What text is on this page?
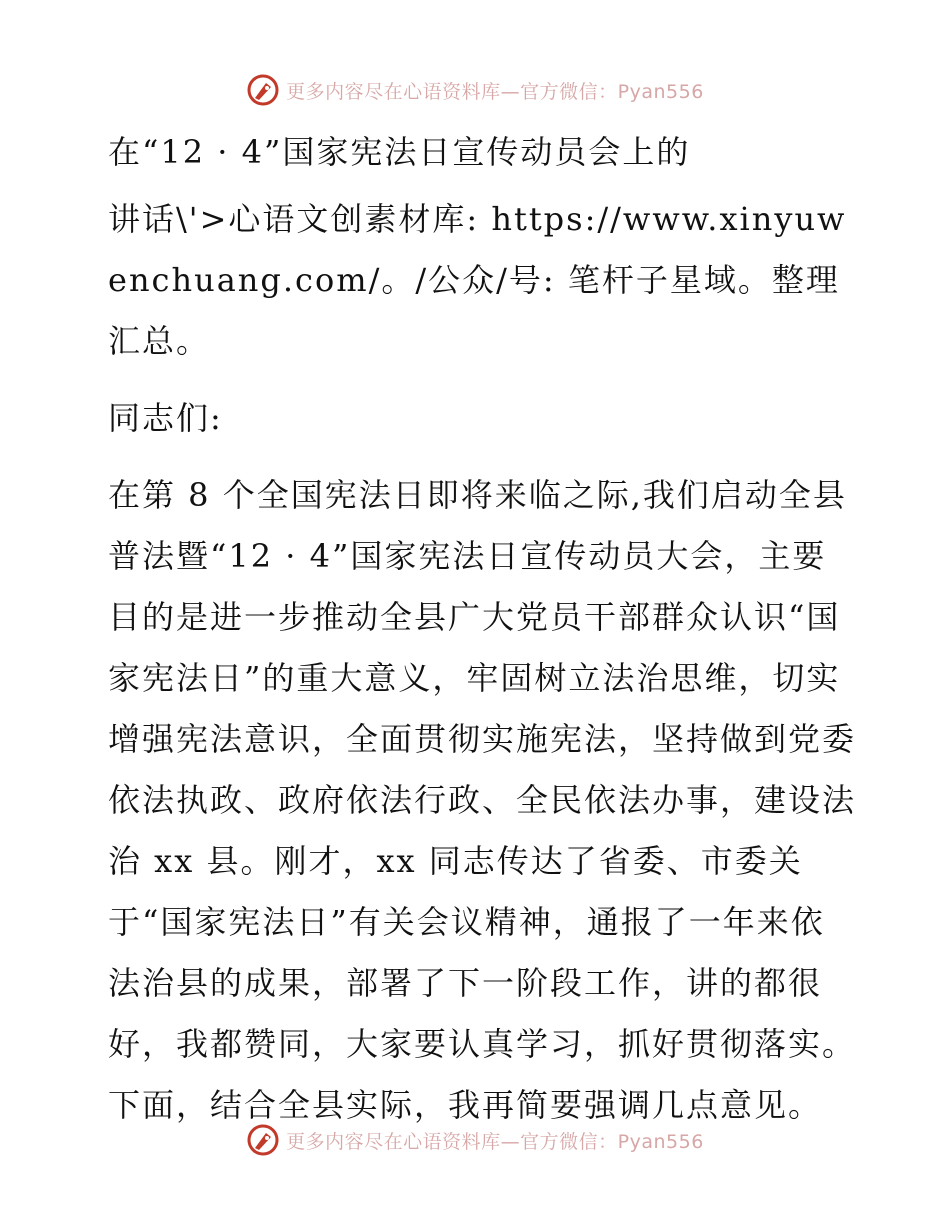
更多内容尽在心语资料库—官方微信：Pyan556

在“12 · 4”国家宪法日宣传动员会上的

讲话\'>心语文创素材库: https://www.xinyuwenchuang.com/。/公众/号: 笔杆子星域。整理汇总。

同志们:

在第 8 个全国宪法日即将来临之际,我们启动全县普法暨“12 · 4”国家宪法日宣传动员大会，主要目的是进一步推动全县广大党员干部群众认识“国家宪法日”的重大意义，牢固树立法治思维，切实增强宪法意识，全面贯彻实施宪法，坚持做到党委依法执政、政府依法行政、全民依法办事，建设法治 xx 县。刚才，xx 同志传达了省委、市委关于“国家宪法日”有关会议精神，通报了一年来依法治县的成果，部署了下一阶段工作，讲的都很好，我都赞同，大家要认真学习，抓好贯彻落实。下面，结合全县实际，我再简要强调几点意见。

更多内容尽在心语资料库—官方微信：Pyan556
